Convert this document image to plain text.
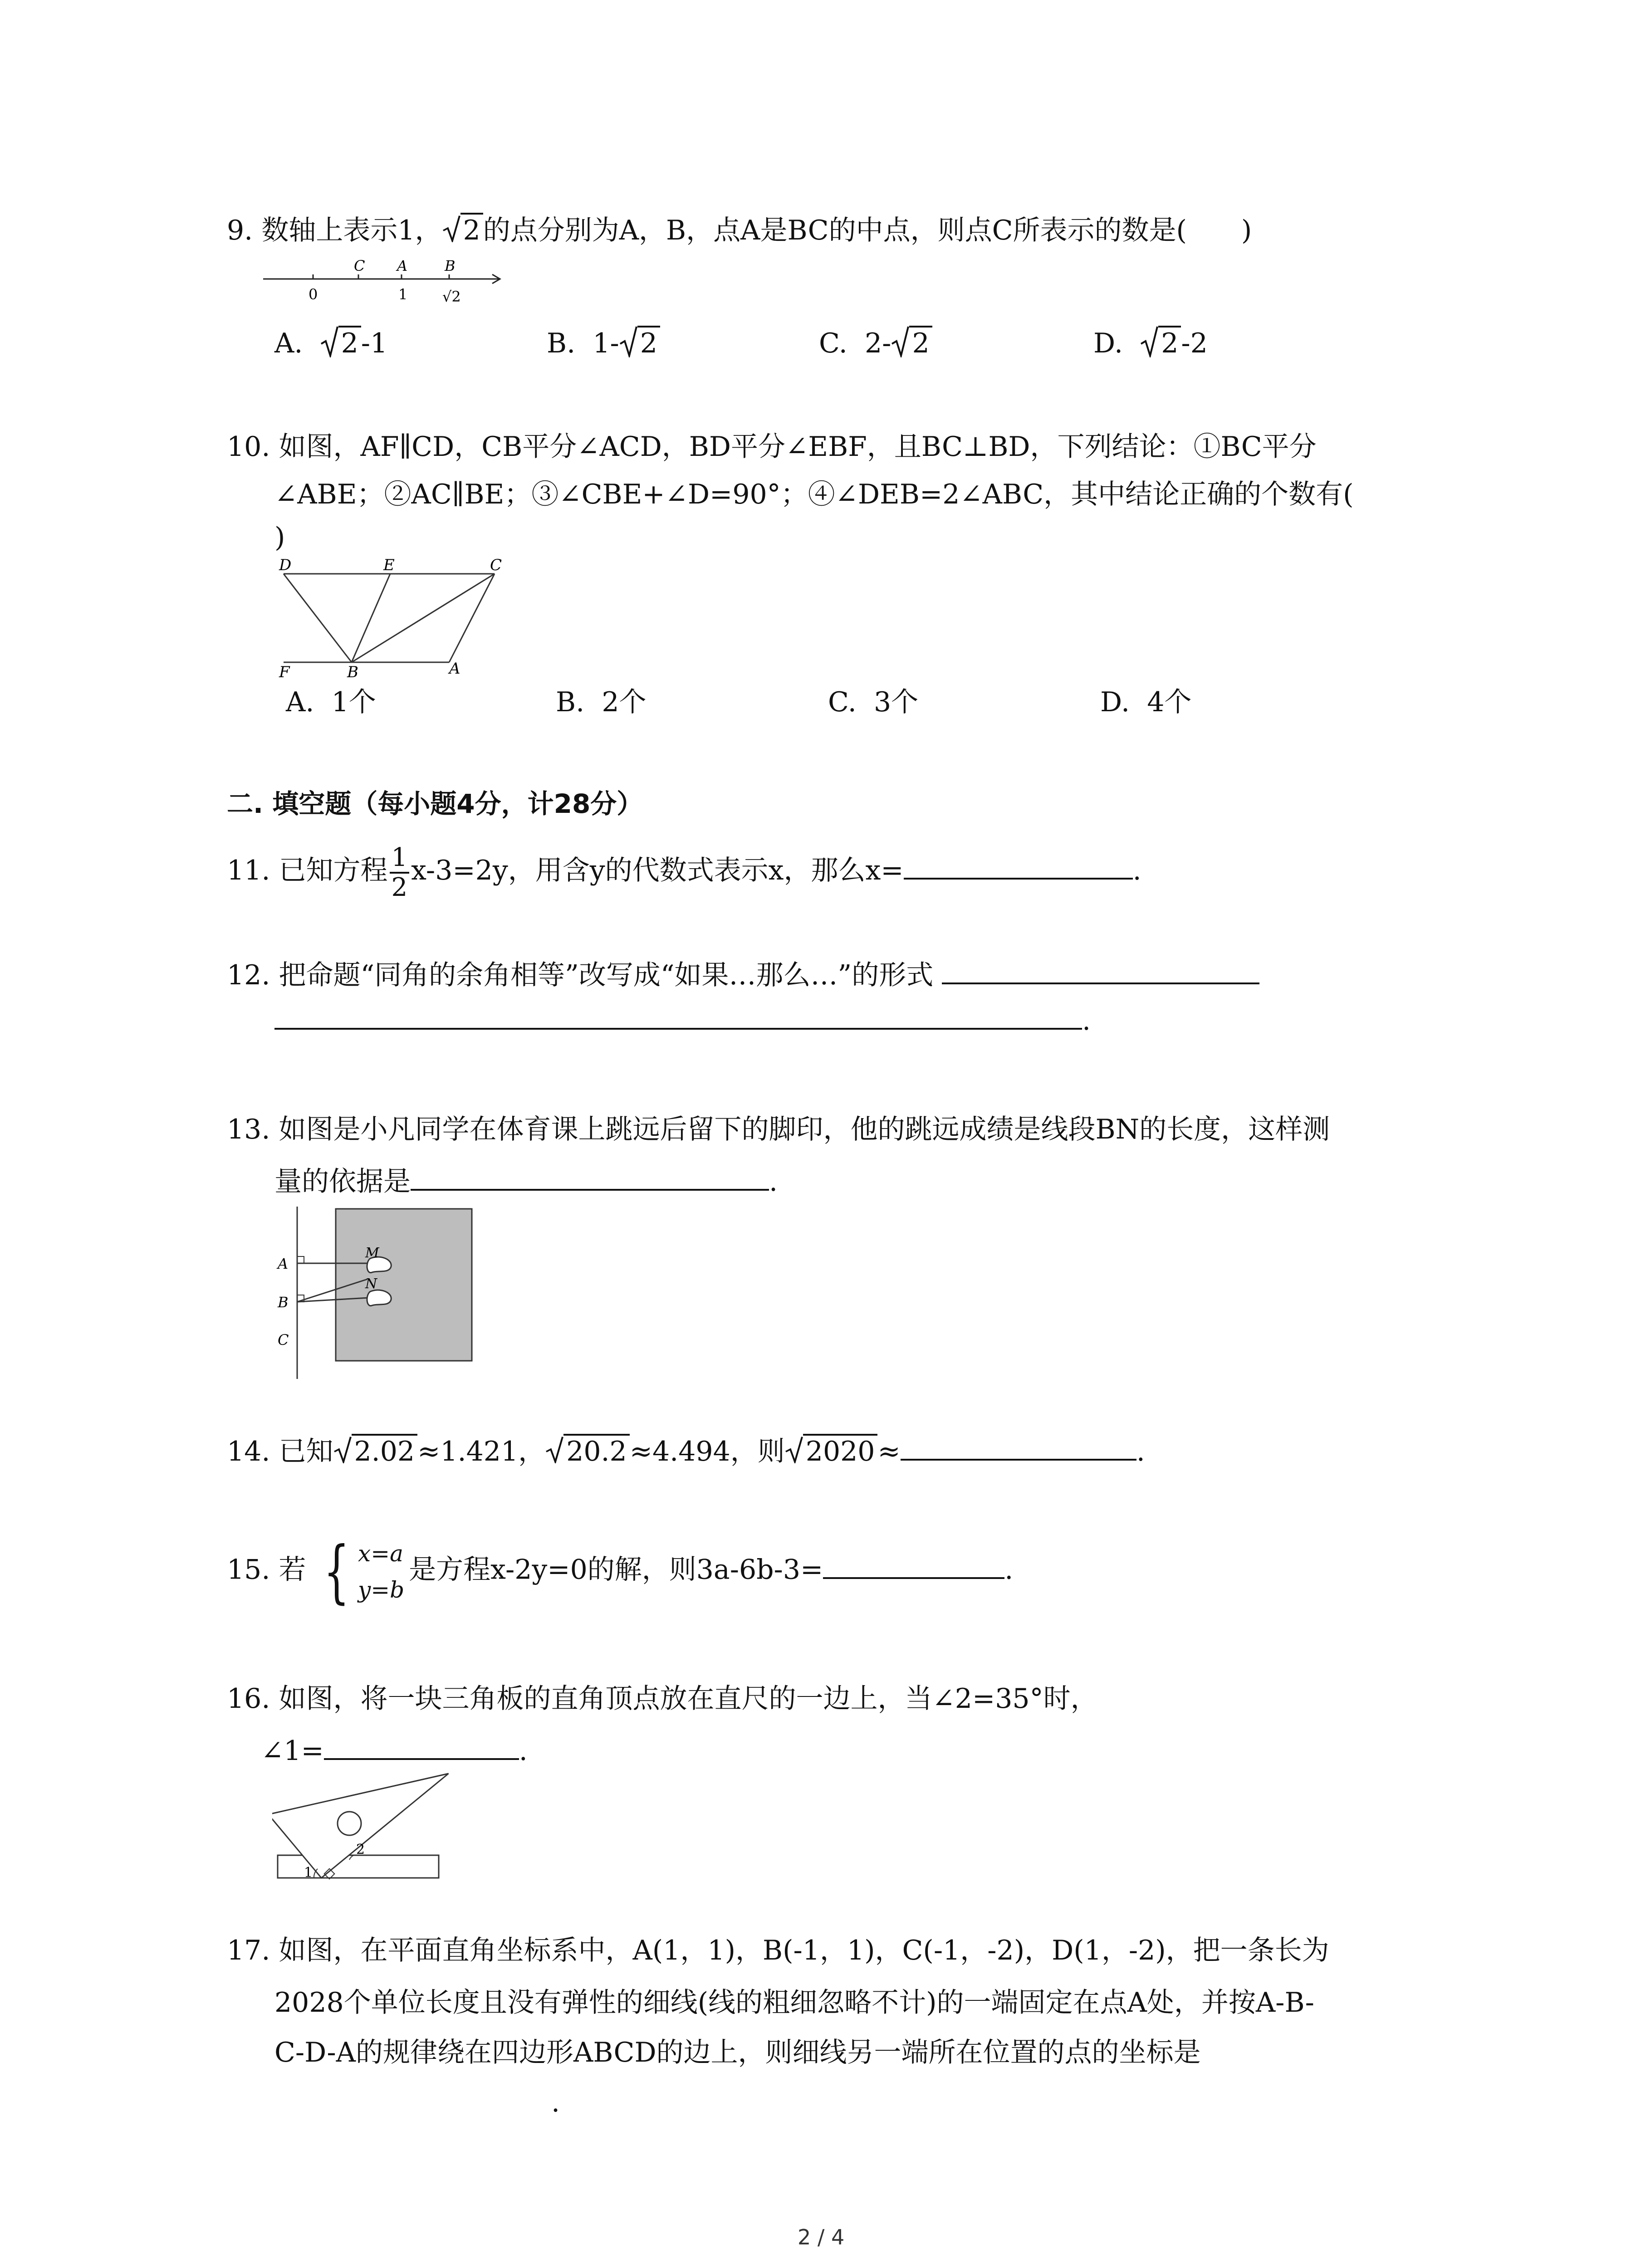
9. 数轴上表示1， 2 的点分别为A，B，点A是BC的中点，则点C所表示的数是(　　)
C A	B
0	1 √2
A. 2 -1	B. 1- 2	C. 2- 2	D. 2 -2
10. 如图，AF∥CD，CB平分∠ACD，BD平分∠EBF，且BC⊥BD，下列结论：①BC平分
∠ABE；②AC∥BE；③∠CBE+∠D=90°；④∠DEB=2∠ABC，其中结论正确的个数有(
)
D	E	C
F	B	A
A. 1个	B. 2个	C. 3个	D. 4个
二. 填空题（每小题4分，计28分）
11. 已知方程 $\frac{1}{2} x-3=2y$，用含y的代数式表示x，那么x=	.
12. 把命题“同角的余角相等”改写成“如果…那么…”的形式
.
13. 如图是小凡同学在体育课上跳远后留下的脚印，他的跳远成绩是线段BN的长度，这样测
量的依据是	.
A
B
C
M
N
14. 已知 2.02 ≈1.421， 20.2 ≈4.494，则 2020 ≈	.
15. 若 { x=a
y=b
是方程x-2y=0的解，则3a-6b-3=	.
16. 如图，将一块三角板的直角顶点放在直尺的一边上，当∠2=35°时，
∠1=	.
1
2
17. 如图，在平面直角坐标系中，A(1，1)，B(-1，1)，C(-1，-2)，D(1，-2)，把一条长为
2028个单位长度且没有弹性的细线(线的粗细忽略不计)的一端固定在点A处，并按A-B-
C-D-A的规律绕在四边形ABCD的边上，则细线另一端所在位置的点的坐标是
.
2 / 4
